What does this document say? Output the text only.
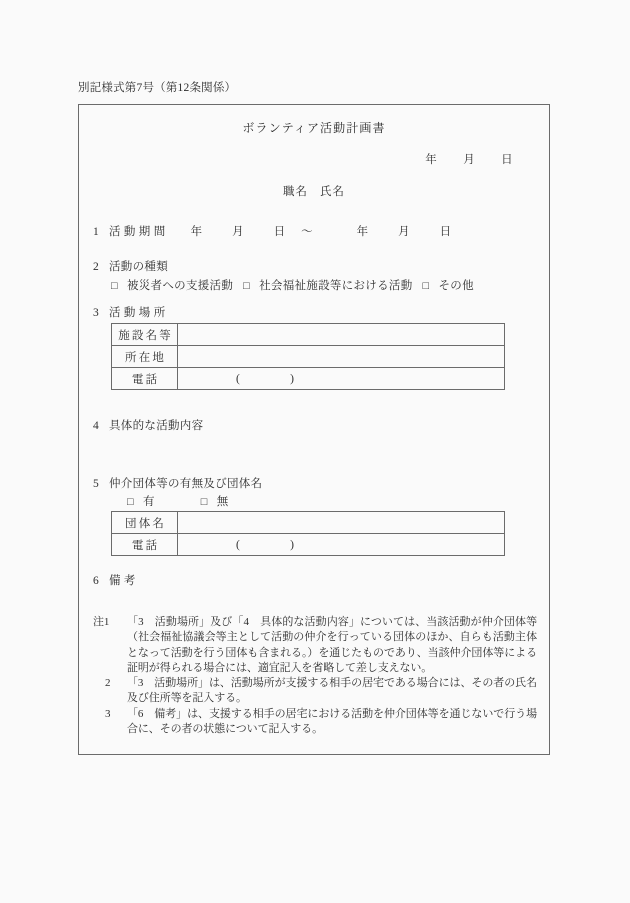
別記様式第7号（第12条関係）
ボランティア活動計画書
年 月 日
職名 氏名
1 活動期間 年	月	日 〜	年	月	日
2 活動の種類
□ 被災者への支援活動 □ 社会福祉施設等における活動 □ その他
3 活動場所
施設名等	
所在地	
電話	( )
4 具体的な活動内容
5 仲介団体等の有無及び団体名
□ 有	□ 無
団体名	
電話	( )
6 備考
注1 「3　活動場所」及び「4　具体的な活動内容」については、当該活動が仲介団体等（社会福祉協議会等主として活動の仲介を行っている団体のほか、自らも活動主体となって活動を行う団体も含まれる。）を通じたものであり、当該仲介団体等による証明が得られる場合には、適宜記入を省略して差し支えない。
2 「3　活動場所」は、活動場所が支援する相手の居宅である場合には、その者の氏名及び住所等を記入する。
3 「6　備考」は、支援する相手の居宅における活動を仲介団体等を通じないで行う場合に、その者の状態について記入する。
